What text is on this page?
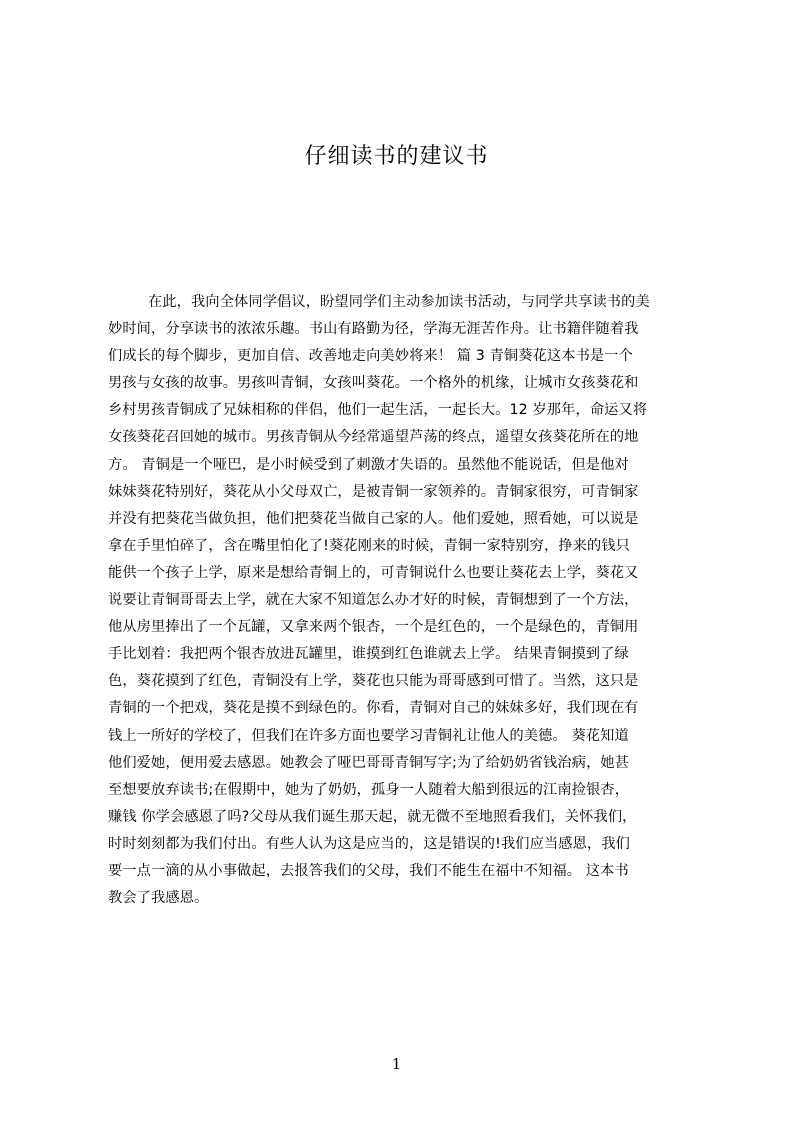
仔细读书的建议书
在此，我向全体同学倡议，盼望同学们主动参加读书活动，与同学共享读书的美
妙时间，分享读书的浓浓乐趣。书山有路勤为径，学海无涯苦作舟。让书籍伴随着我
们成长的每个脚步，更加自信、改善地走向美妙将来！ 篇 3 青铜葵花这本书是一个
男孩与女孩的故事。男孩叫青铜，女孩叫葵花。一个格外的机缘，让城市女孩葵花和
乡村男孩青铜成了兄妹相称的伴侣，他们一起生活，一起长大。12 岁那年，命运又将
女孩葵花召回她的城市。男孩青铜从今经常遥望芦荡的终点，遥望女孩葵花所在的地
方。 青铜是一个哑巴，是小时候受到了刺激才失语的。虽然他不能说话，但是他对
妹妹葵花特别好，葵花从小父母双亡，是被青铜一家领养的。青铜家很穷，可青铜家
并没有把葵花当做负担，他们把葵花当做自己家的人。他们爱她，照看她，可以说是
拿在手里怕碎了，含在嘴里怕化了!葵花刚来的时候，青铜一家特别穷，挣来的钱只
能供一个孩子上学，原来是想给青铜上的，可青铜说什么也要让葵花去上学，葵花又
说要让青铜哥哥去上学，就在大家不知道怎么办才好的时候，青铜想到了一个方法，
他从房里捧出了一个瓦罐，又拿来两个银杏，一个是红色的，一个是绿色的，青铜用
手比划着：我把两个银杏放进瓦罐里，谁摸到红色谁就去上学。 结果青铜摸到了绿
色，葵花摸到了红色，青铜没有上学，葵花也只能为哥哥感到可惜了。当然，这只是
青铜的一个把戏，葵花是摸不到绿色的。你看，青铜对自己的妹妹多好，我们现在有
钱上一所好的学校了，但我们在许多方面也要学习青铜礼让他人的美德。 葵花知道
他们爱她，便用爱去感恩。她教会了哑巴哥哥青铜写字;为了给奶奶省钱治病，她甚
至想要放弃读书;在假期中，她为了奶奶，孤身一人随着大船到很远的江南捡银杏，
赚钱 你学会感恩了吗?父母从我们诞生那天起，就无微不至地照看我们，关怀我们，
时时刻刻都为我们付出。有些人认为这是应当的，这是错误的!我们应当感恩，我们
要一点一滴的从小事做起，去报答我们的父母，我们不能生在福中不知福。 这本书
教会了我感恩。
1
